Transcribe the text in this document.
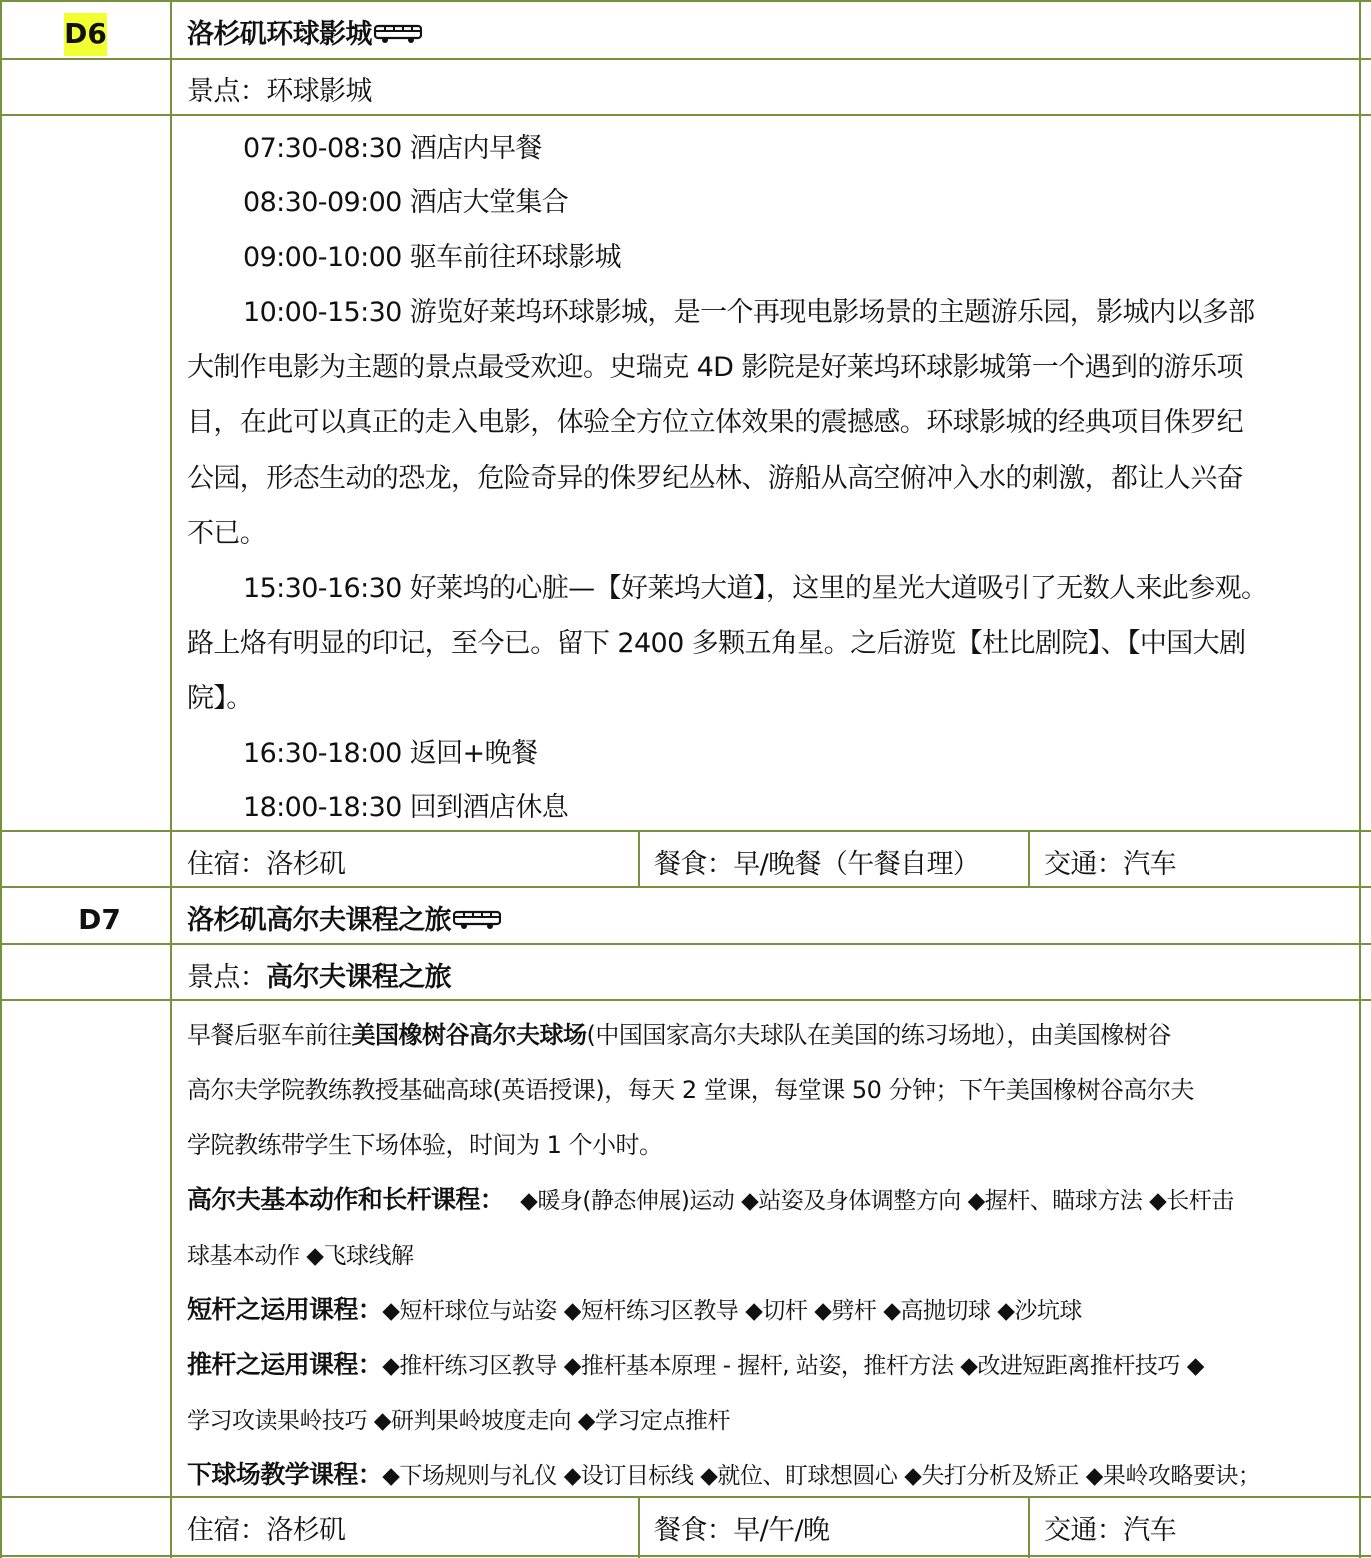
D6	洛杉矶环球影城
景点：环球影城
07:30-08:30 酒店内早餐
08:30-09:00 酒店大堂集合
09:00-10:00 驱车前往环球影城
10:00-15:30 游览好莱坞环球影城，是一个再现电影场景的主题游乐园，影城内以多部
大制作电影为主题的景点最受欢迎。史瑞克 4D 影院是好莱坞环球影城第一个遇到的游乐项
目，在此可以真正的走入电影，体验全方位立体效果的震撼感。环球影城的经典项目侏罗纪
公园，形态生动的恐龙，危险奇异的侏罗纪丛林、游船从高空俯冲入水的刺激，都让人兴奋
不已。
15:30-16:30 好莱坞的心脏—【好莱坞大道】，这里的星光大道吸引了无数人来此参观。
路上烙有明显的印记，至今已。留下 2400 多颗五角星。之后游览【杜比剧院】、【中国大剧
院】。
16:30-18:00 返回+晚餐
18:00-18:30 回到酒店休息
住宿：洛杉矶	餐食：早/晚餐（午餐自理） 交通：汽车
D7	洛杉矶高尔夫课程之旅
景点：高尔夫课程之旅
早餐后驱车前往美国橡树谷高尔夫球场(中国国家高尔夫球队在美国的练习场地），由美国橡树谷
高尔夫学院教练教授基础高球(英语授课)，每天 2 堂课，每堂课 50 分钟；下午美国橡树谷高尔夫
学院教练带学生下场体验，时间为 1 个小时。
高尔夫基本动作和长杆课程： ◆暖身(静态伸展)运动 ◆站姿及身体调整方向 ◆握杆、瞄球方法 ◆长杆击
球基本动作 ◆飞球线解
短杆之运用课程：◆短杆球位与站姿 ◆短杆练习区教导 ◆切杆 ◆劈杆 ◆高抛切球 ◆沙坑球
推杆之运用课程：◆推杆练习区教导 ◆推杆基本原理 - 握杆, 站姿，推杆方法 ◆改进短距离推杆技巧 ◆
学习攻读果岭技巧 ◆研判果岭坡度走向 ◆学习定点推杆
下球场教学课程：◆下场规则与礼仪 ◆设订目标线 ◆就位、盯球想圆心 ◆失打分析及矫正 ◆果岭攻略要诀；
住宿：洛杉矶	餐食：早/午/晚	交通：汽车
